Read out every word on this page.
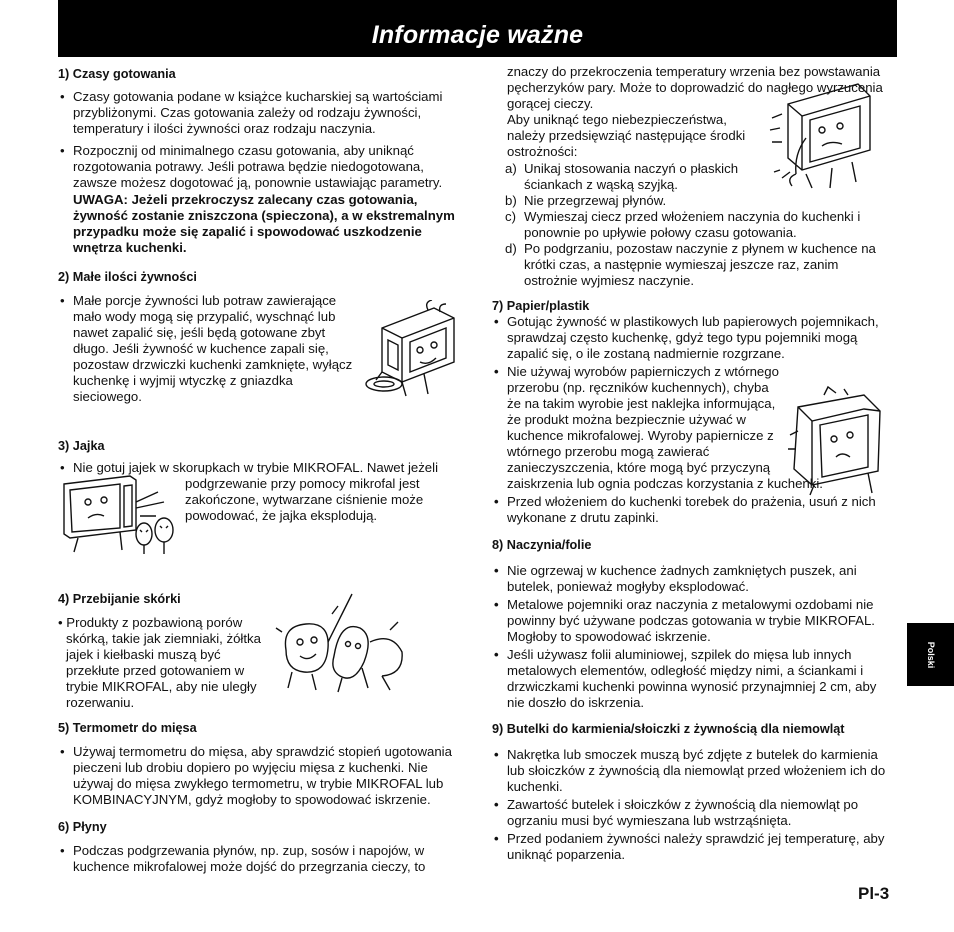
Informacje ważne
1) Czasy gotowania
• Czasy gotowania podane w książce kucharskiej są wartościami przybliżonymi. Czas gotowania zależy od rodzaju żywności, temperatury i ilości żywności oraz rodzaju naczynia.
• Rozpocznij od minimalnego czasu gotowania, aby uniknąć rozgotowania potrawy. Jeśli potrawa będzie niedogotowana, zawsze możesz dogotować ją, ponownie ustawiając parametry.
UWAGA: Jeżeli przekroczysz zalecany czas gotowania, żywność zostanie zniszczona (spieczona), a w ekstremalnym przypadku może się zapalić i spowodować uszkodzenie wnętrza kuchenki.
2) Małe ilości żywności
• Małe porcje żywności lub potraw zawierające mało wody mogą się przypalić, wyschnąć lub nawet zapalić się, jeśli będą gotowane zbyt długo. Jeśli żywność w kuchence zapali się, pozostaw drzwiczki kuchenki zamknięte, wyłącz kuchenkę i wyjmij wtyczkę z gniazdka sieciowego.
3) Jajka
• Nie gotuj jajek w skorupkach w trybie MIKROFAL. Nawet jeżeli
podgrzewanie przy pomocy mikrofal jest zakończone, wytwarzane ciśnienie może powodować, że jajka eksplodują.
4) Przebijanie skórki
• Produkty z pozbawioną porów skórką, takie jak ziemniaki, żółtka jajek i kiełbaski muszą być przekłute przed gotowaniem w trybie MIKROFAL, aby nie uległy rozerwaniu.
5) Termometr do mięsa
• Używaj termometru do mięsa, aby sprawdzić stopień ugotowania pieczeni lub drobiu dopiero po wyjęciu mięsa z kuchenki. Nie używaj do mięsa zwykłego termometru, w trybie MIKROFAL lub KOMBINACYJNYM, gdyż mogłoby to spowodować iskrzenie.
6) Płyny
• Podczas podgrzewania płynów, np. zup, sosów i napojów, w kuchence mikrofalowej może dojść do przegrzania cieczy, to
znaczy do przekroczenia temperatury wrzenia bez powstawania pęcherzyków pary. Może to doprowadzić do nagłego wyrzucenia gorącej cieczy.
Aby uniknąć tego niebezpieczeństwa, należy przedsięwziąć następujące środki ostrożności:
a) Unikaj stosowania naczyń o płaskich ściankach z wąską szyjką.
b) Nie przegrzewaj płynów.
c) Wymieszaj ciecz przed włożeniem naczynia do kuchenki i ponownie po upływie połowy czasu gotowania.
d) Po podgrzaniu, pozostaw naczynie z płynem w kuchence na krótki czas, a następnie wymieszaj jeszcze raz, zanim ostrożnie wyjmiesz naczynie.
7) Papier/plastik
• Gotując żywność w plastikowych lub papierowych pojemnikach, sprawdzaj często kuchenkę, gdyż tego typu pojemniki mogą zapalić się, o ile zostaną nadmiernie rozgrzane.
• Nie używaj wyrobów papierniczych z wtórnego przerobu (np. ręczników kuchennych), chyba że na takim wyrobie jest naklejka informująca, że produkt można bezpiecznie używać w kuchence mikrofalowej. Wyroby papiernicze z wtórnego przerobu mogą zawierać zanieczyszczenia, które mogą być przyczyną zaiskrzenia lub ognia podczas korzystania z kuchenki.
• Przed włożeniem do kuchenki torebek do prażenia, usuń z nich wykonane z drutu zapinki.
8) Naczynia/folie
• Nie ogrzewaj w kuchence żadnych zamkniętych puszek, ani butelek, ponieważ mogłyby eksplodować.
• Metalowe pojemniki oraz naczynia z metalowymi ozdobami nie powinny być używane podczas gotowania w trybie MIKROFAL. Mogłoby to spowodować iskrzenie.
• Jeśli używasz folii aluminiowej, szpilek do mięsa lub innych metalowych elementów, odległość między nimi, a ściankami i drzwiczkami kuchenki powinna wynosić przynajmniej 2 cm, aby nie doszło do iskrzenia.
9) Butelki do karmienia/słoiczki z żywnością dla niemowląt
• Nakrętka lub smoczek muszą być zdjęte z butelek do karmienia lub słoiczków z żywnością dla niemowląt przed włożeniem ich do kuchenki.
• Zawartość butelek i słoiczków z żywnością dla niemowląt po ogrzaniu musi być wymieszana lub wstrząśnięta.
• Przed podaniem żywności należy sprawdzić jej temperaturę, aby uniknąć poparzenia.
Polski
Pl-3
